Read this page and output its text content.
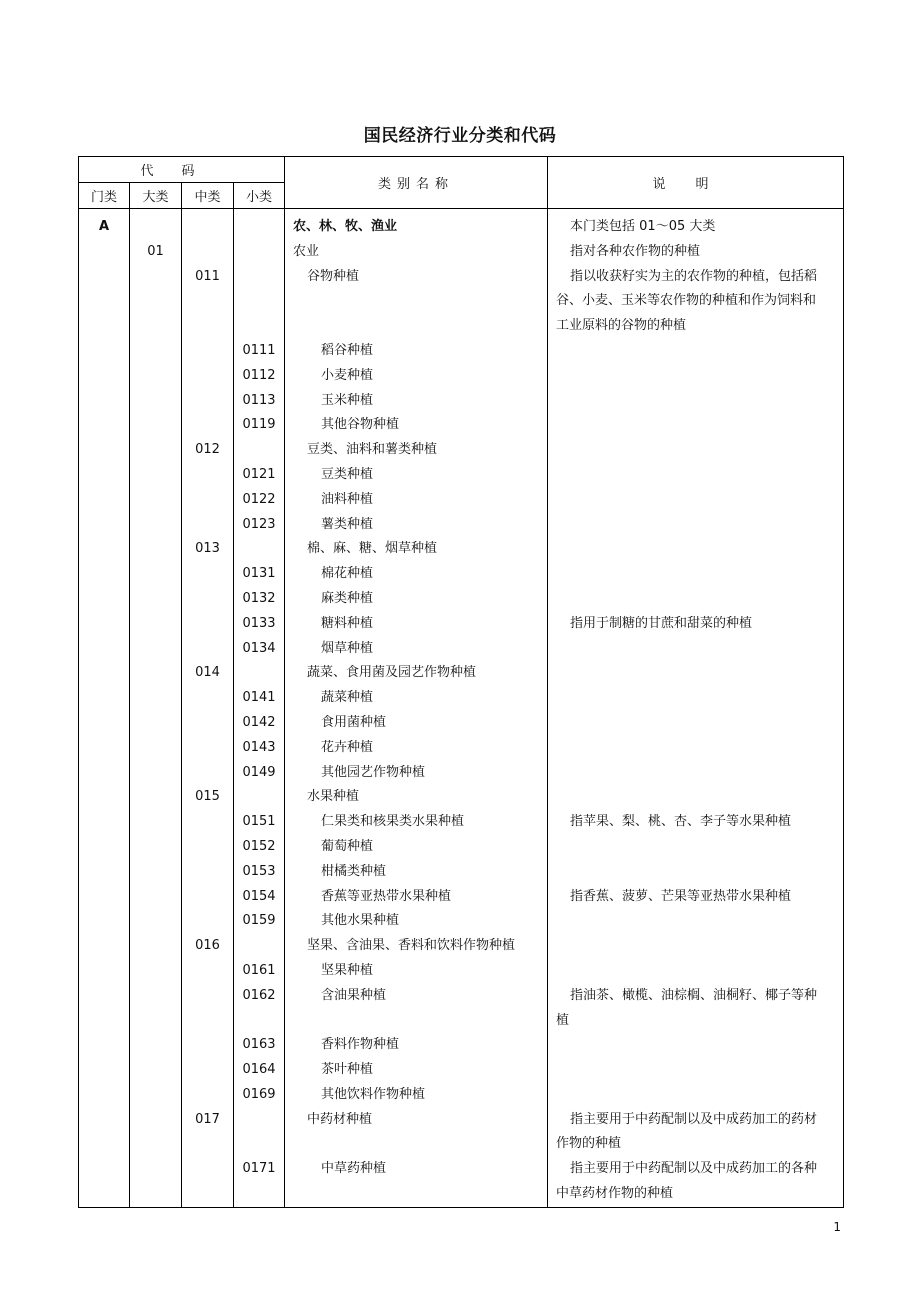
国民经济行业分类和代码
代码				类别名称	说明
门类	大类	中类	小类		

A				农、林、牧、渔业	本门类包括 01～05 大类

	01			农业	指对各种农作物的种植

		011		谷物种植	指以收获籽实为主的农作物的种植，包括稻
谷、小麦、玉米等农作物的种植和作为饲料和
工业原料的谷物的种植

			0111	稻谷种植	

			0112	小麦种植	

			0113	玉米种植	

			0119	其他谷物种植	

		012		豆类、油料和薯类种植	

			0121	豆类种植	

			0122	油料种植	

			0123	薯类种植	

		013		棉、麻、糖、烟草种植	

			0131	棉花种植	

			0132	麻类种植	

			0133	糖料种植	指用于制糖的甘蔗和甜菜的种植

			0134	烟草种植	

		014		蔬菜、食用菌及园艺作物种植	

			0141	蔬菜种植	

			0142	食用菌种植	

			0143	花卉种植	

			0149	其他园艺作物种植	

		015		水果种植	

			0151	仁果类和核果类水果种植	指苹果、梨、桃、杏、李子等水果种植

			0152	葡萄种植	

			0153	柑橘类种植	

			0154	香蕉等亚热带水果种植	指香蕉、菠萝、芒果等亚热带水果种植

			0159	其他水果种植	

		016		坚果、含油果、香料和饮料作物种植	

			0161	坚果种植	

			0162	含油果种植	指油茶、橄榄、油棕榈、油桐籽、椰子等种
植

			0163	香料作物种植	

			0164	茶叶种植	

			0169	其他饮料作物种植	

		017		中药材种植	指主要用于中药配制以及中成药加工的药材
作物的种植

			0171	中草药种植	指主要用于中药配制以及中成药加工的各种
中草药材作物的种植
1
